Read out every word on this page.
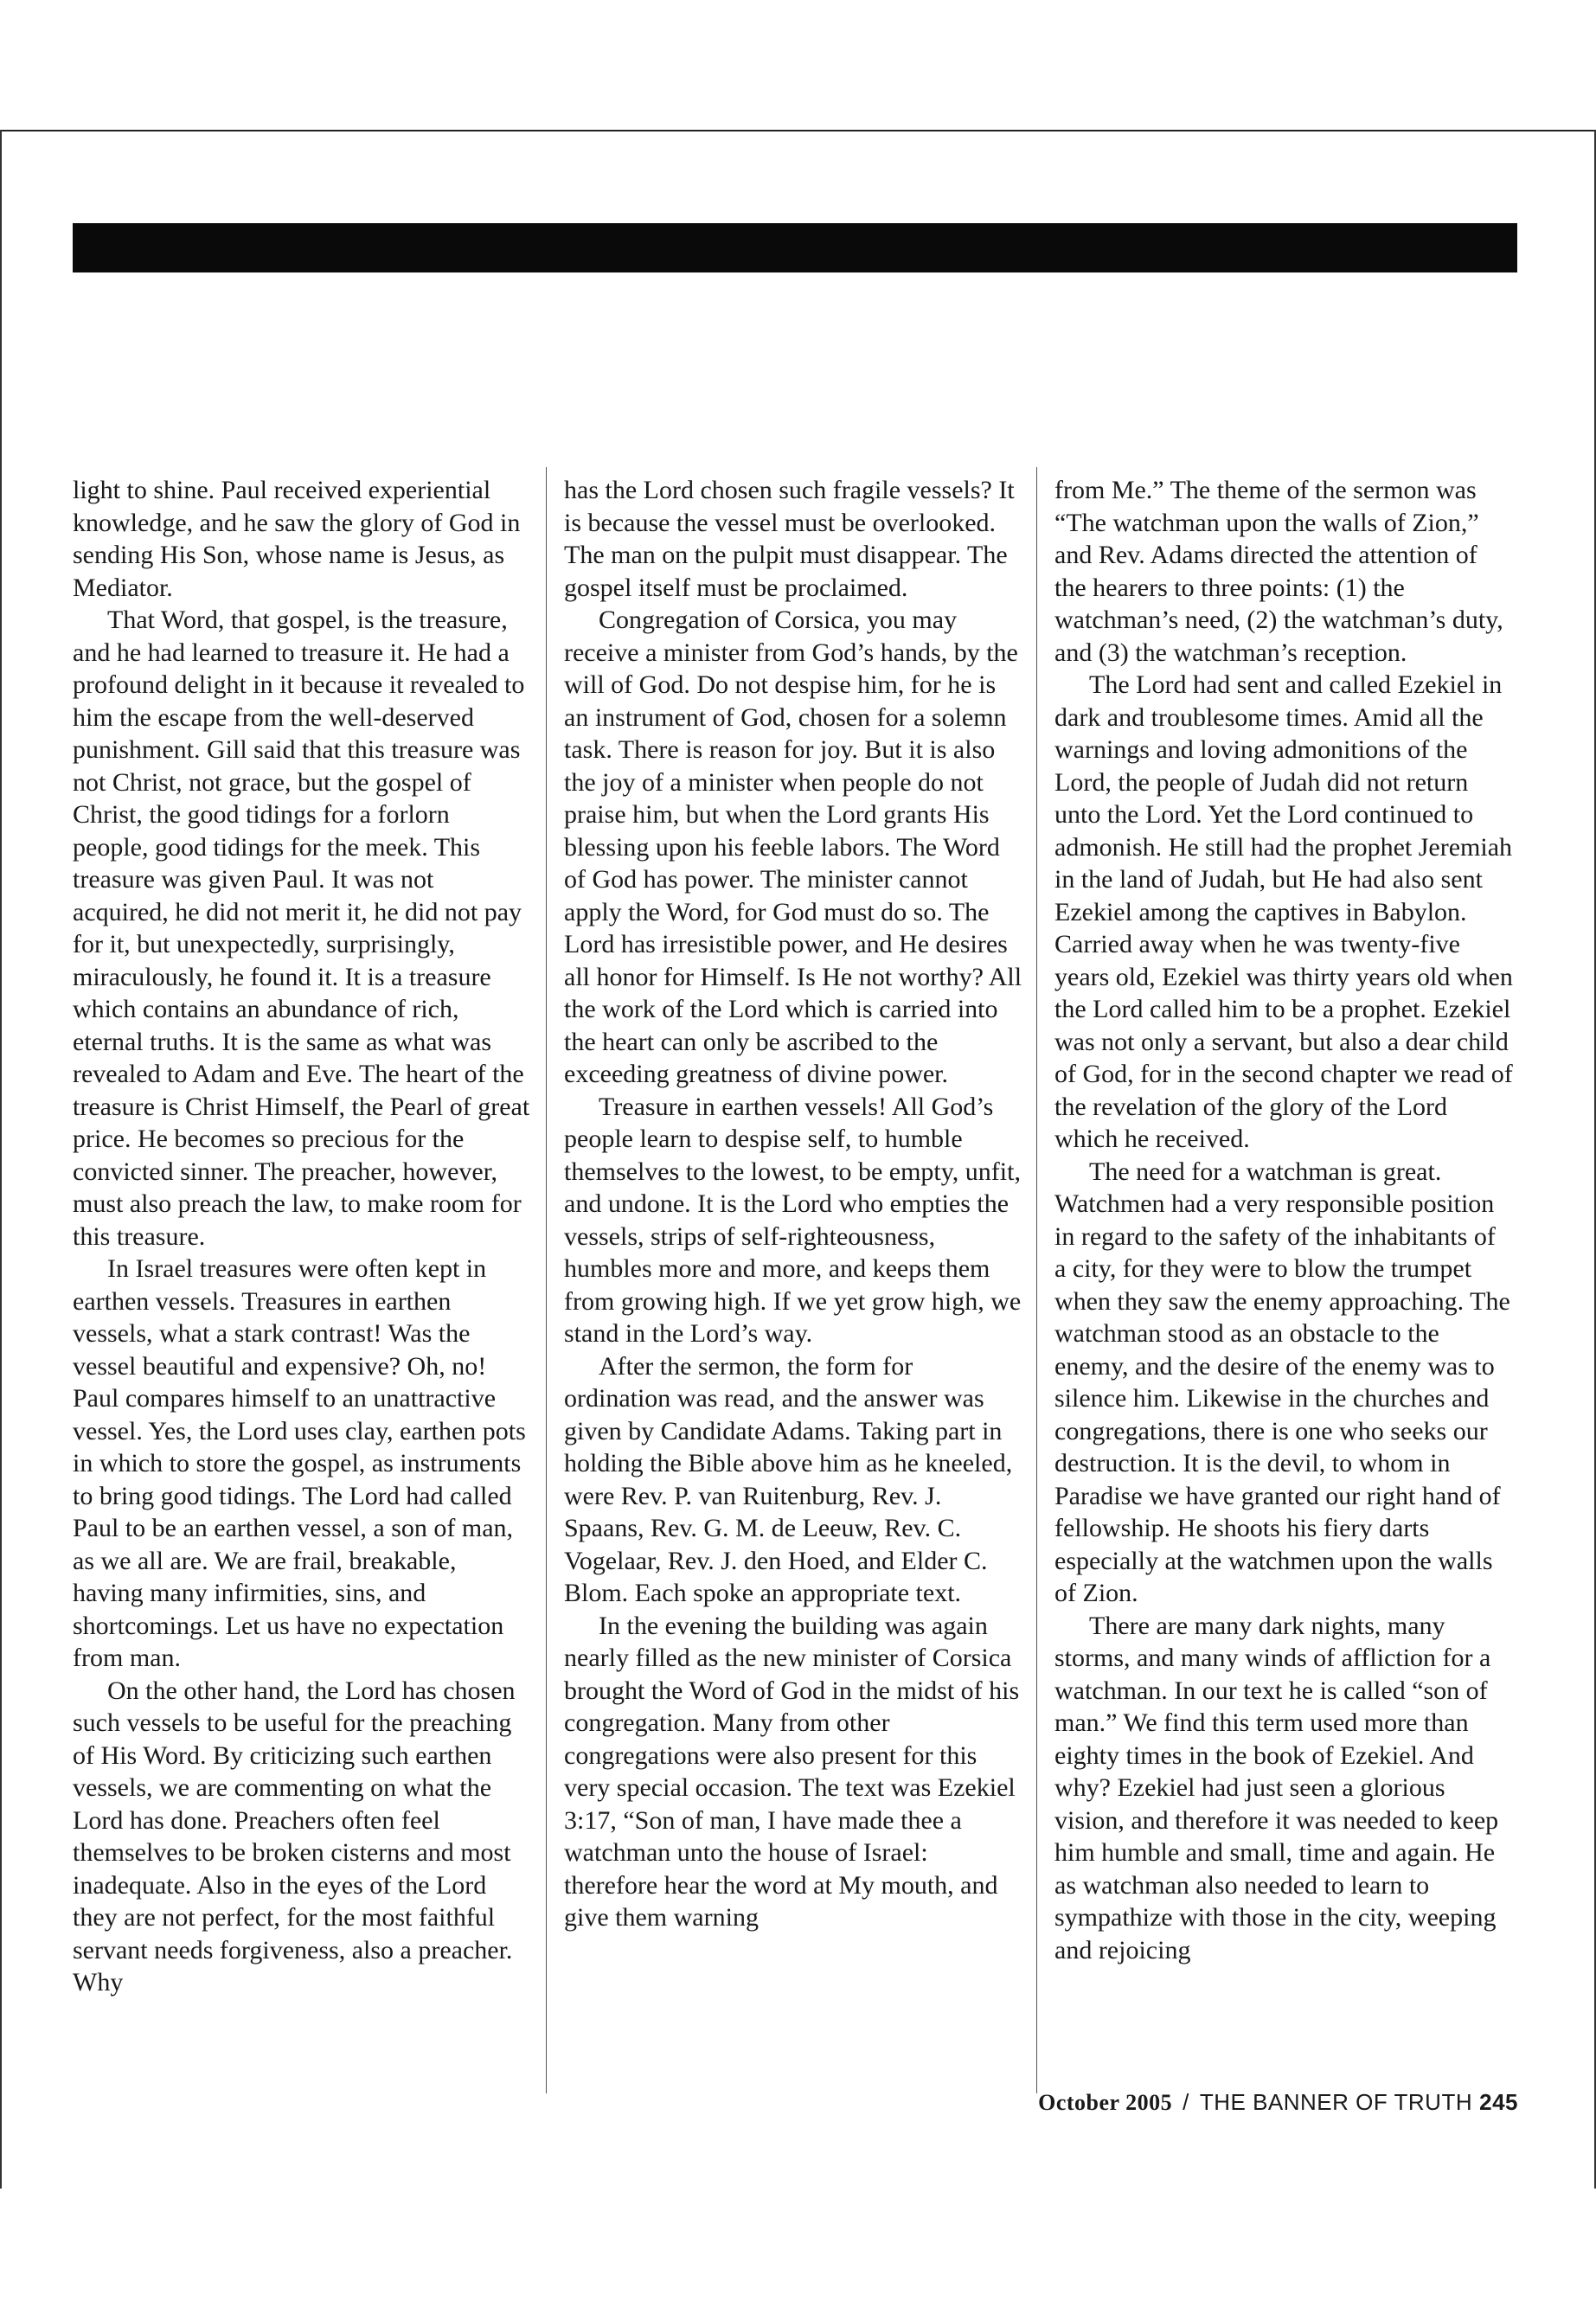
light to shine. Paul received experiential knowledge, and he saw the glory of God in sending His Son, whose name is Jesus, as Mediator.

That Word, that gospel, is the treasure, and he had learned to treasure it. He had a profound delight in it because it revealed to him the escape from the well-deserved punishment. Gill said that this treasure was not Christ, not grace, but the gospel of Christ, the good tidings for a forlorn people, good tidings for the meek. This treasure was given Paul. It was not acquired, he did not merit it, he did not pay for it, but unexpectedly, surprisingly, miraculously, he found it. It is a treasure which contains an abundance of rich, eternal truths. It is the same as what was revealed to Adam and Eve. The heart of the treasure is Christ Himself, the Pearl of great price. He becomes so precious for the convicted sinner. The preacher, however, must also preach the law, to make room for this treasure.

In Israel treasures were often kept in earthen vessels. Treasures in earthen vessels, what a stark contrast! Was the vessel beautiful and expensive? Oh, no! Paul compares himself to an unattractive vessel. Yes, the Lord uses clay, earthen pots in which to store the gospel, as instruments to bring good tidings. The Lord had called Paul to be an earthen vessel, a son of man, as we all are. We are frail, breakable, having many infirmities, sins, and shortcomings. Let us have no expectation from man.

On the other hand, the Lord has chosen such vessels to be useful for the preaching of His Word. By criticizing such earthen vessels, we are commenting on what the Lord has done. Preachers often feel themselves to be broken cisterns and most inadequate. Also in the eyes of the Lord they are not perfect, for the most faithful servant needs forgiveness, also a preacher. Why

has the Lord chosen such fragile vessels? It is because the vessel must be overlooked. The man on the pulpit must disappear. The gospel itself must be proclaimed.

Congregation of Corsica, you may receive a minister from God’s hands, by the will of God. Do not despise him, for he is an instrument of God, chosen for a solemn task. There is reason for joy. But it is also the joy of a minister when people do not praise him, but when the Lord grants His blessing upon his feeble labors. The Word of God has power. The minister cannot apply the Word, for God must do so. The Lord has irresistible power, and He desires all honor for Himself. Is He not worthy? All the work of the Lord which is carried into the heart can only be ascribed to the exceeding greatness of divine power.

Treasure in earthen vessels! All God’s people learn to despise self, to humble themselves to the lowest, to be empty, unfit, and undone. It is the Lord who empties the vessels, strips of self-righteousness, humbles more and more, and keeps them from growing high. If we yet grow high, we stand in the Lord’s way.

After the sermon, the form for ordination was read, and the answer was given by Candidate Adams. Taking part in holding the Bible above him as he kneeled, were Rev. P. van Ruitenburg, Rev. J. Spaans, Rev. G. M. de Leeuw, Rev. C. Vogelaar, Rev. J. den Hoed, and Elder C. Blom. Each spoke an appropriate text.

In the evening the building was again nearly filled as the new minister of Corsica brought the Word of God in the midst of his congregation. Many from other congregations were also present for this very special occasion. The text was Ezekiel 3:17, “Son of man, I have made thee a watchman unto the house of Israel: therefore hear the word at My mouth, and give them warning

from Me.” The theme of the sermon was “The watchman upon the walls of Zion,” and Rev. Adams directed the attention of the hearers to three points: (1) the watchman’s need, (2) the watchman’s duty, and (3) the watchman’s reception.

The Lord had sent and called Ezekiel in dark and troublesome times. Amid all the warnings and loving admonitions of the Lord, the people of Judah did not return unto the Lord. Yet the Lord continued to admonish. He still had the prophet Jeremiah in the land of Judah, but He had also sent Ezekiel among the captives in Babylon. Carried away when he was twenty-five years old, Ezekiel was thirty years old when the Lord called him to be a prophet. Ezekiel was not only a servant, but also a dear child of God, for in the second chapter we read of the revelation of the glory of the Lord which he received.

The need for a watchman is great. Watchmen had a very responsible position in regard to the safety of the inhabitants of a city, for they were to blow the trumpet when they saw the enemy approaching. The watchman stood as an obstacle to the enemy, and the desire of the enemy was to silence him. Likewise in the churches and congregations, there is one who seeks our destruction. It is the devil, to whom in Paradise we have granted our right hand of fellowship. He shoots his fiery darts especially at the watchmen upon the walls of Zion.

There are many dark nights, many storms, and many winds of affliction for a watchman. In our text he is called “son of man.” We find this term used more than eighty times in the book of Ezekiel. And why? Ezekiel had just seen a glorious vision, and therefore it was needed to keep him humble and small, time and again. He as watchman also needed to learn to sympathize with those in the city, weeping and rejoicing

October 2005 / THE BANNER OF TRUTH 245
